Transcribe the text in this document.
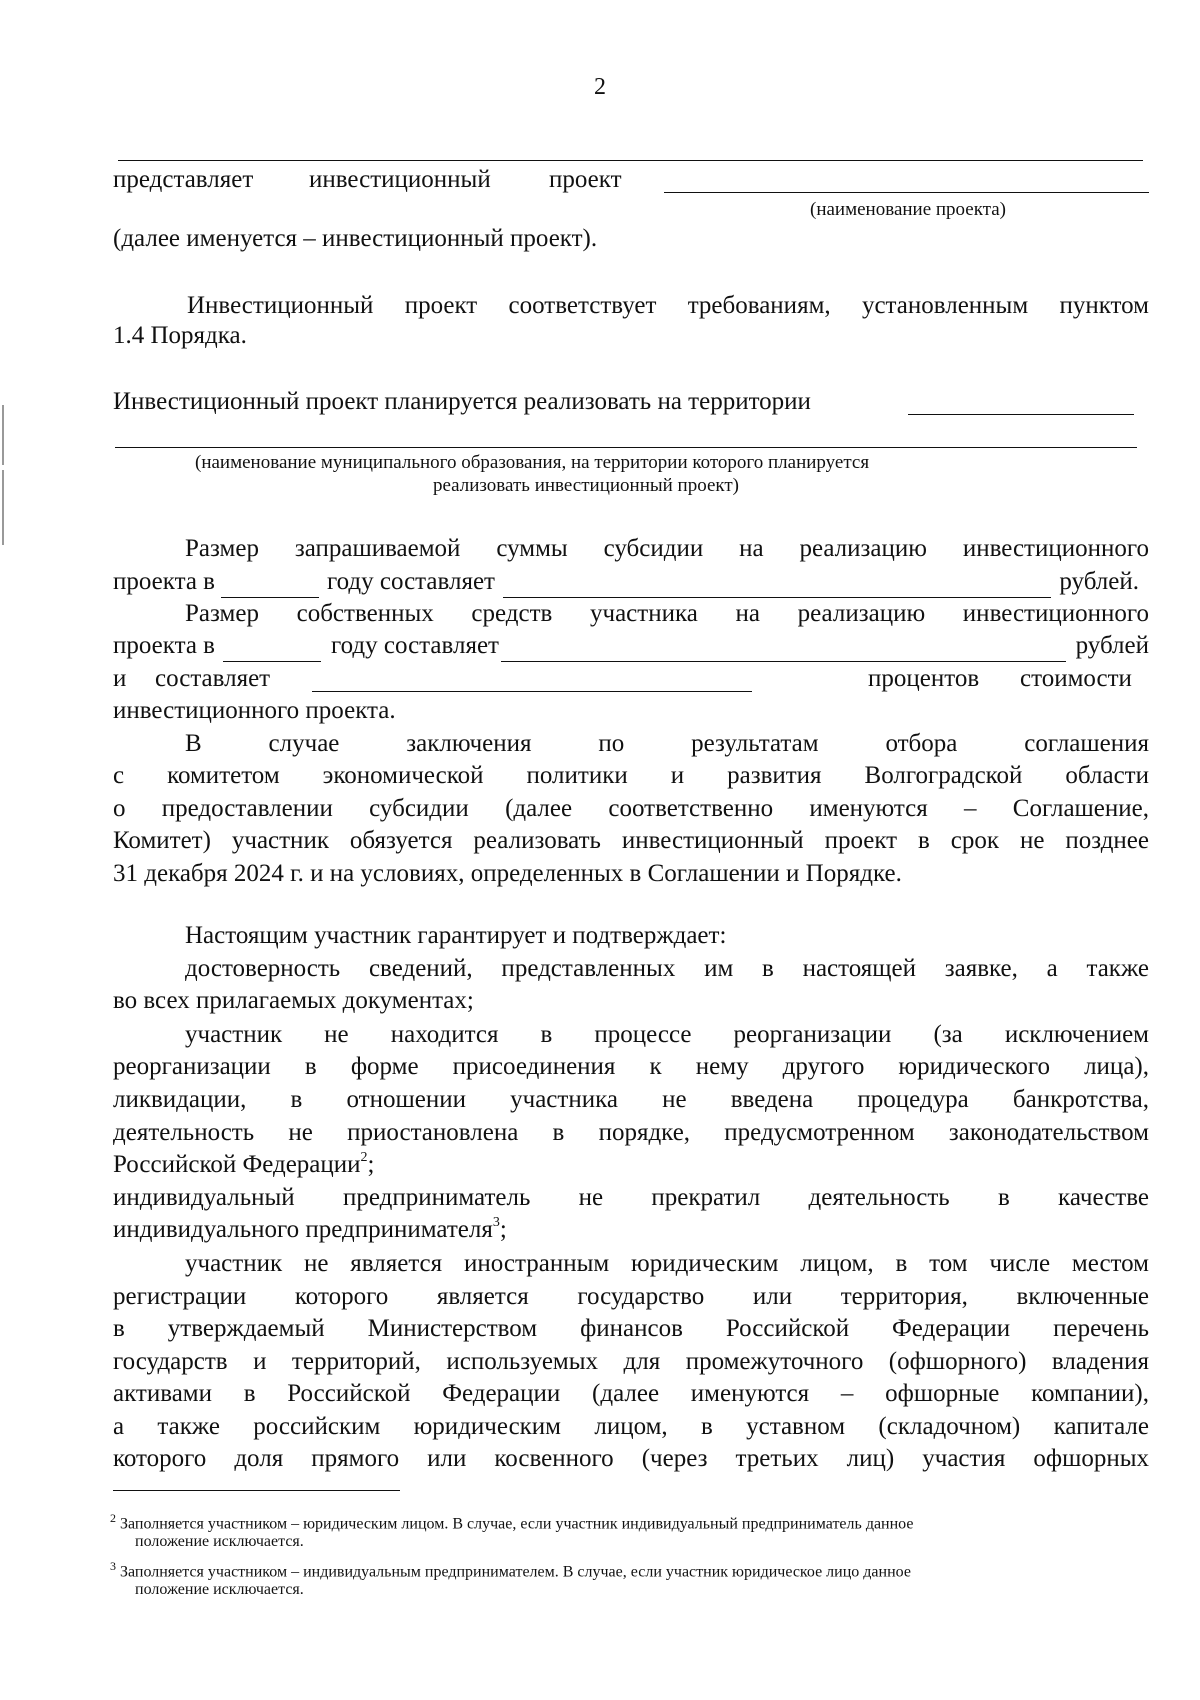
2
представляет инвестиционный проект
(наименование проекта)
(далее именуется – инвестиционный проект).
Инвестиционный проект соответствует требованиям, установленным пунктом
1.4 Порядка.
Инвестиционный проект планируется реализовать на территории
(наименование муниципального образования, на территории которого планируется
реализовать инвестиционный проект)
Размер запрашиваемой суммы субсидии на реализацию инвестиционного
проекта в	году составляет	рублей.
Размер собственных средств участника на реализацию инвестиционного
проекта в	году составляет	рублей
и составляет	процентов стоимости
инвестиционного проекта.
В случае заключения по результатам отбора соглашения
с комитетом экономической политики и развития Волгоградской области
о предоставлении субсидии (далее соответственно именуются – Соглашение,
Комитет) участник обязуется реализовать инвестиционный проект в срок не позднее
31 декабря 2024 г. и на условиях, определенных в Соглашении и Порядке.
Настоящим участник гарантирует и подтверждает:
достоверность сведений, представленных им в настоящей заявке, а также
во всех прилагаемых документах;
участник не находится в процессе реорганизации (за исключением
реорганизации в форме присоединения к нему другого юридического лица),
ликвидации, в отношении участника не введена процедура банкротства,
деятельность не приостановлена в порядке, предусмотренном законодательством
Российской Федерации$^2$;
индивидуальный предприниматель не прекратил деятельность в качестве
индивидуального предпринимателя$^3$;
участник не является иностранным юридическим лицом, в том числе местом
регистрации которого является государство или территория, включенные
в утверждаемый Министерством финансов Российской Федерации перечень
государств и территорий, используемых для промежуточного (офшорного) владения
активами в Российской Федерации (далее именуются – офшорные компании),
а также российским юридическим лицом, в уставном (складочном) капитале
которого доля прямого или косвенного (через третьих лиц) участия офшорных
$^2$ Заполняется участником – юридическим лицом. В случае, если участник индивидуальный предприниматель данное
положение исключается.
$^3$ Заполняется участником – индивидуальным предпринимателем. В случае, если участник юридическое лицо данное
положение исключается.
